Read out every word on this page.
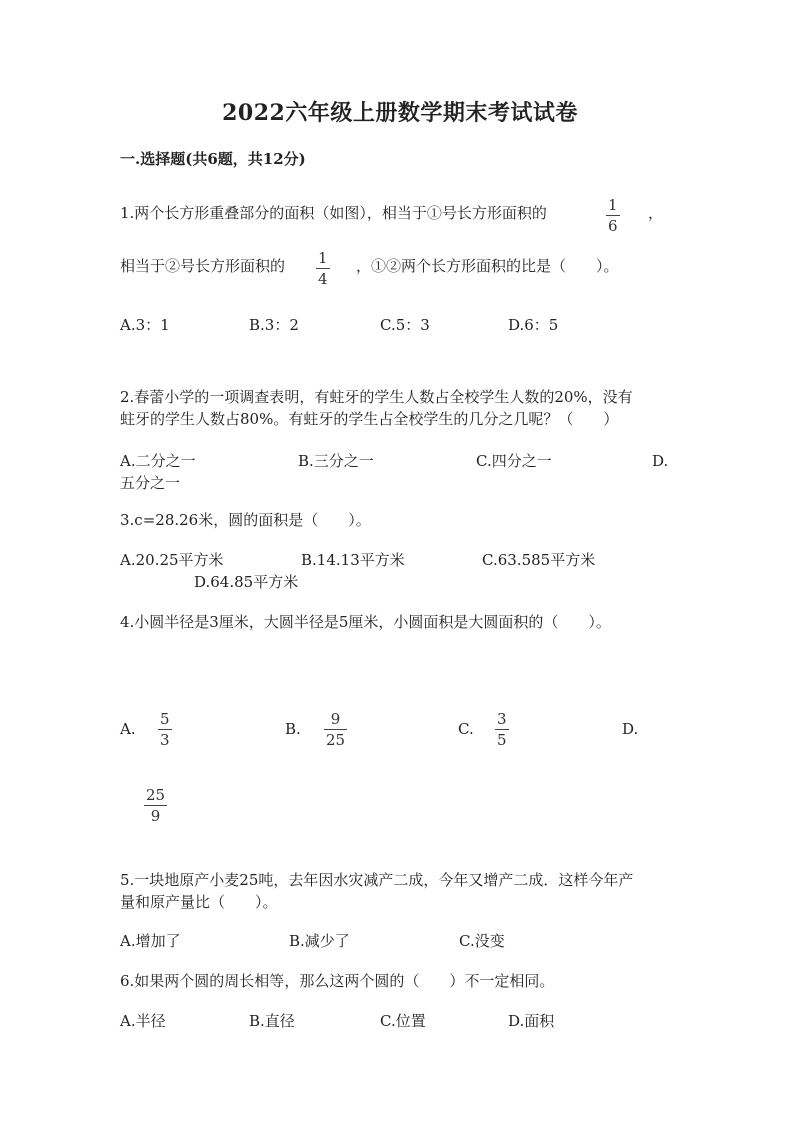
2022六年级上册数学期末考试试卷
一.选择题(共6题，共12分)
1.两个长方形重叠部分的面积（如图），相当于①号长方形面积的	1
6
，
相当于②号长方形面积的 1
4
，①②两个长方形面积的比是（　　）。
A.3：1	B.3：2	C.5：3	D.6：5
2.春蕾小学的一项调查表明，有蛀牙的学生人数占全校学生人数的20%，没有
蛀牙的学生人数占80%。有蛀牙的学生占全校学生的几分之几呢？（　　）
A.二分之一	B.三分之一	C.四分之一	D.
五分之一
3.c=28.26米，圆的面积是（　　）。
A.20.25平方米	B.14.13平方米	C.63.585平方米
D.64.85平方米
4.小圆半径是3厘米，大圆半径是5厘米，小圆面积是大圆面积的（　　）。
A.
5
3
B.
9
25
C.
3
5
D.
25
9
5.一块地原产小麦25吨，去年因水灾减产二成，今年又增产二成．这样今年产
量和原产量比（　　）。
A.增加了	B.减少了	C.没变
6.如果两个圆的周长相等，那么这两个圆的（　　）不一定相同。
A.半径	B.直径	C.位置	D.面积
